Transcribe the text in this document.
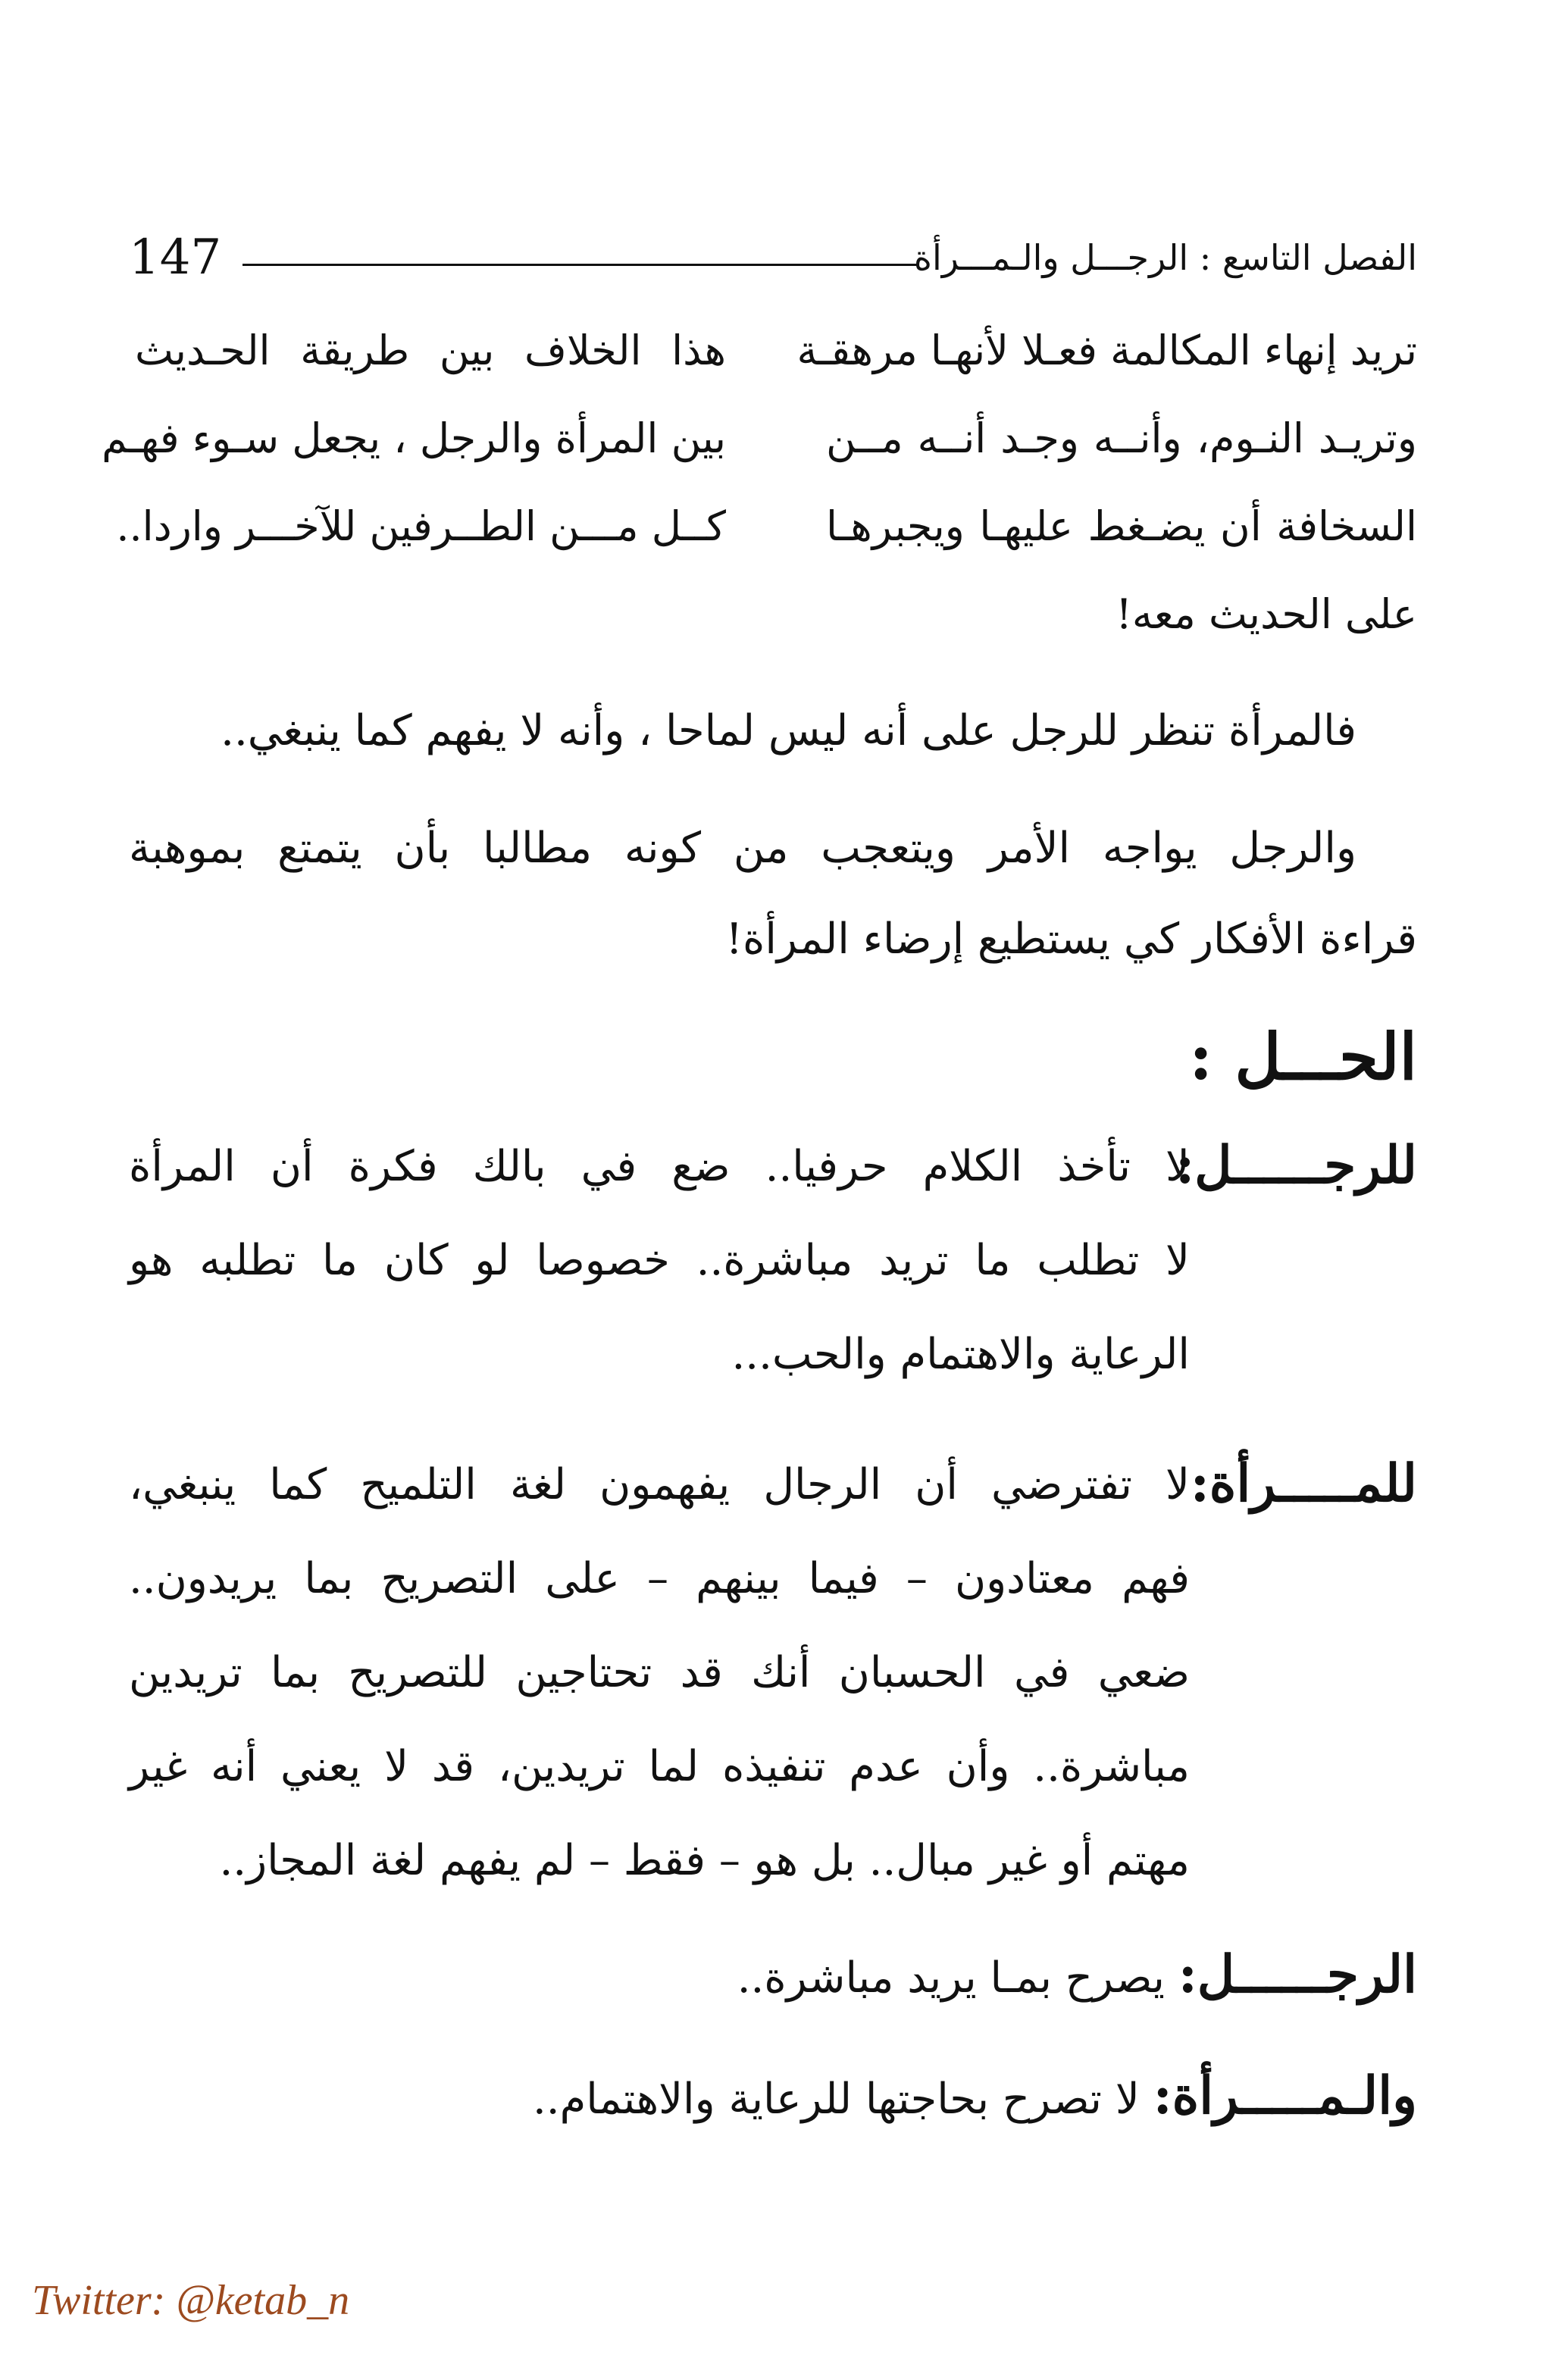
147	الفصل التاسع : الرجـــل والـمـــرأة
تريد إنهاء المكالمة فعـلا لأنهـا مرهقـة
وتريـد النـوم، وأنــه وجـد أنــه مــن
السخافة أن يضـغط عليهـا ويجبرهـا
على الحديث معه!
هذا الخلاف بين طريقة الحـديث
بين المرأة والرجل ، يجعل سـوء فهـم
كــل مـــن الطــرفين للآخـــر واردا..
فالمرأة تنظر للرجل على أنه ليس لماحا ، وأنه لا يفهم كما ينبغي..
والرجل يواجه الأمر ويتعجب من كونه مطالبا بأن يتمتع بموهبة
قراءة الأفكار كي يستطيع إرضاء المرأة!
الحـــل :
للرجــــــل:
لا تأخذ الكلام حرفيا.. ضع في بالك فكرة أن المرأة
لا تطلب ما تريد مباشرة.. خصوصا لو كان ما تطلبه هو
الرعاية والاهتمام والحب...
للمـــــرأة:
لا تفترضي أن الرجال يفهمون لغة التلميح كما ينبغي،
فهم معتادون – فيما بينهم – على التصريح بما يريدون..
ضعي في الحسبان أنك قد تحتاجين للتصريح بما تريدين
مباشرة.. وأن عدم تنفيذه لما تريدين، قد لا يعني أنه غير
مهتم أو غير مبال.. بل هو – فقط – لم يفهم لغة المجاز..
الرجــــــل: يصرح بمـا يريد مباشرة..
والـمـــــرأة: لا تصرح بحاجتها للرعاية والاهتمام..
Twitter: @ketab_n
